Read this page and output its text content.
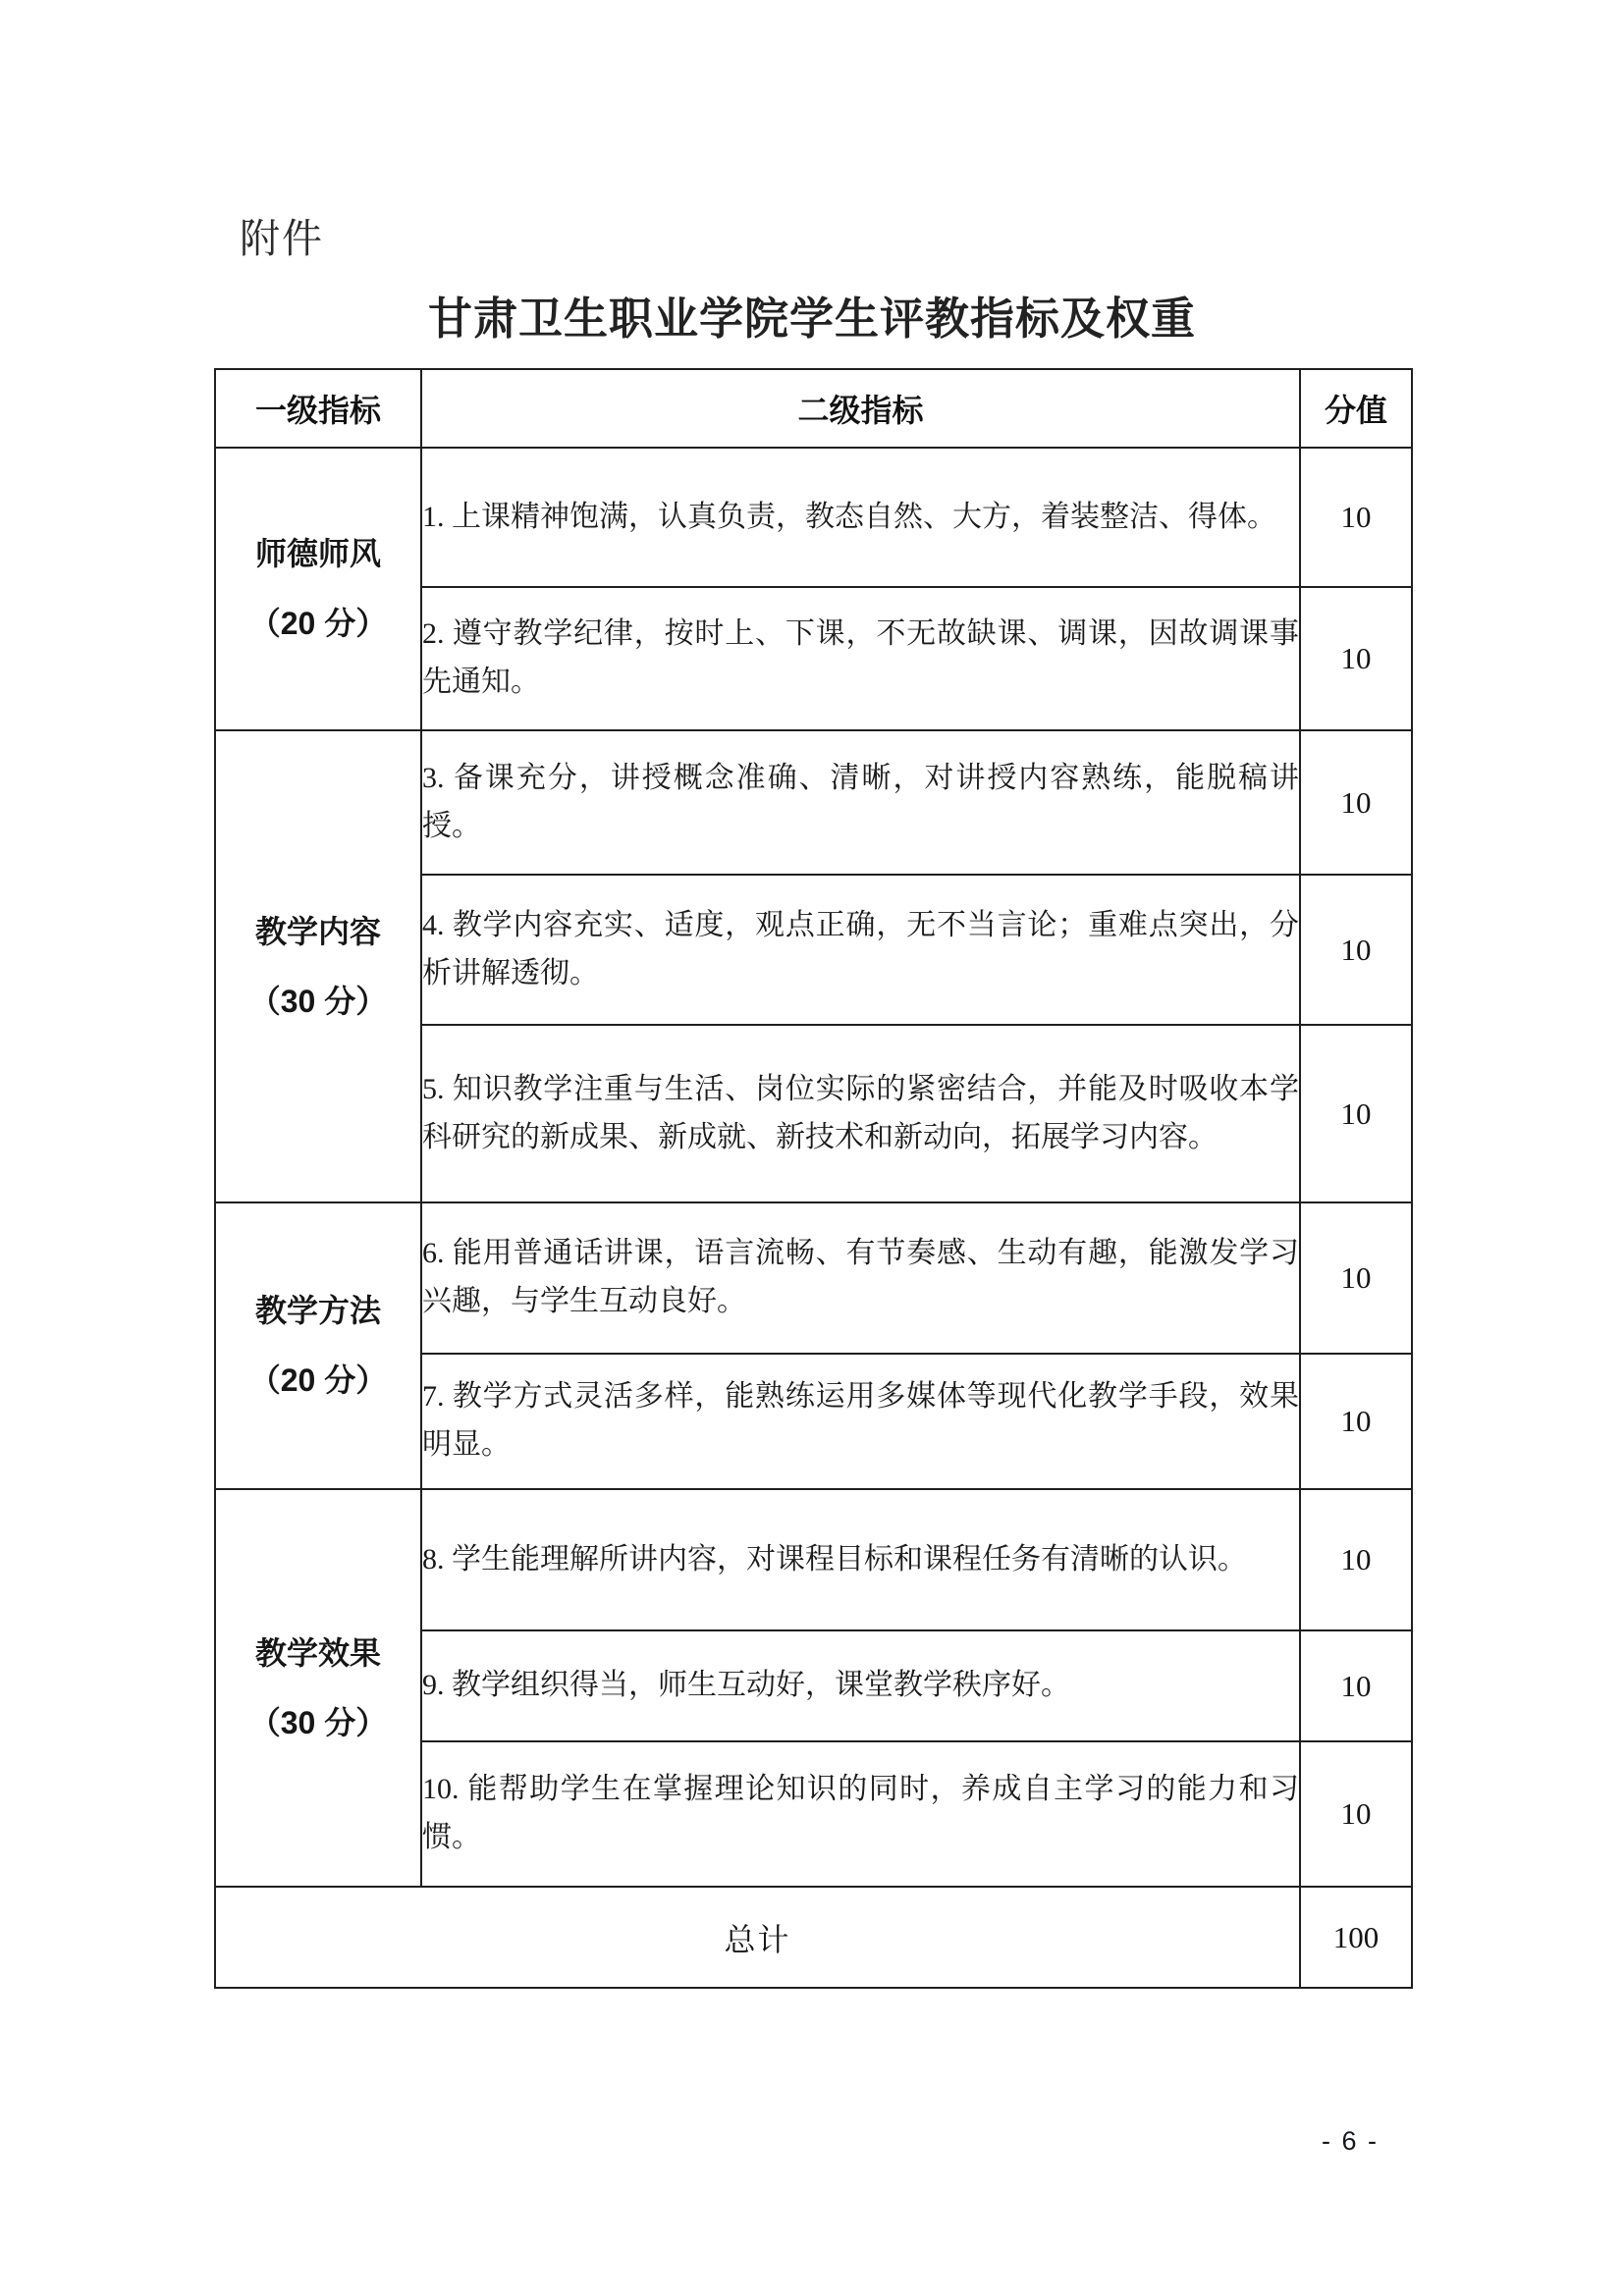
附件
甘肃卫生职业学院学生评教指标及权重
一级指标	二级指标	分值

师德师风
（20 分）	1. 上课精神饱满，认真负责，教态自然、大方，着装整洁、得体。	10
	2. 遵守教学纪律，按时上、下课，不无故缺课、调课，因故调课事先通知。	10

教学内容
（30 分）	3. 备课充分，讲授概念准确、清晰，对讲授内容熟练，能脱稿讲授。	10
	4. 教学内容充实、适度，观点正确，无不当言论；重难点突出，分析讲解透彻。	10
	5. 知识教学注重与生活、岗位实际的紧密结合，并能及时吸收本学科研究的新成果、新成就、新技术和新动向，拓展学习内容。	10

教学方法
（20 分）	6. 能用普通话讲课，语言流畅、有节奏感、生动有趣，能激发学习兴趣，与学生互动良好。	10
	7. 教学方式灵活多样，能熟练运用多媒体等现代化教学手段，效果明显。	10

教学效果
（30 分）	8. 学生能理解所讲内容，对课程目标和课程任务有清晰的认识。	10
	9. 教学组织得当，师生互动好，课堂教学秩序好。	10
	10. 能帮助学生在掌握理论知识的同时，养成自主学习的能力和习惯。	10
总计		100
- 6 -
